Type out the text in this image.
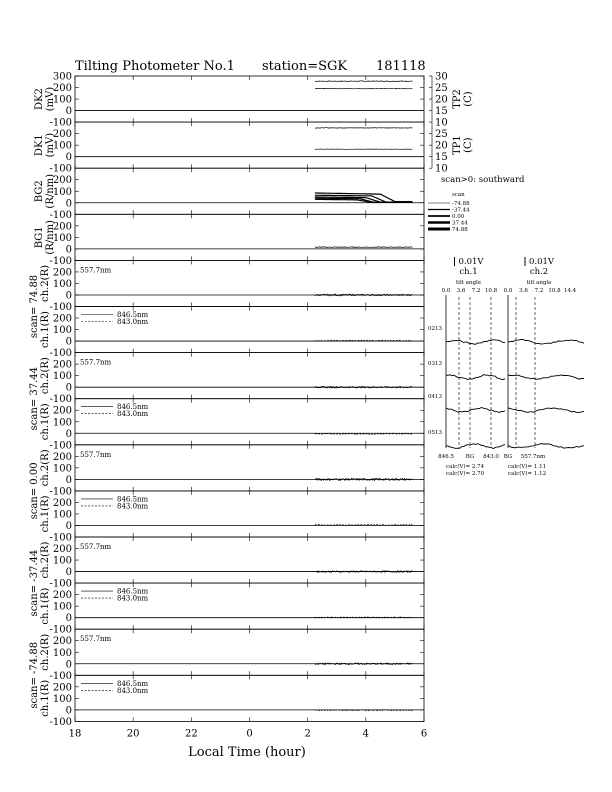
Tilting Photometer No.1 station=SGK 181118
-100
0
100
200
300
DK2(mV)
10
15
20
25
30
TP2(C)
-100
0
100
200
DK1(mV)
10
15
20
25
TP1(C)
-100
0
100
200
BG2(R/nm)
-100
0
100
200
BG1(R/nm)
-100
0
100
200
ch.2(R)	557.7nm
-100
0
100
200
ch.1(R)	846.5nm
843.0nm
-100
0
100
200
ch.2(R)	557.7nm
-100
0
100
200
ch.1(R)	846.5nm
843.0nm
-100
0
100
200
ch.2(R)	557.7nm
-100
0
100
200
ch.1(R)	846.5nm
843.0nm
-100
0
100
200
ch.2(R)	557.7nm
-100
0
100
200
ch.1(R)	846.5nm
843.0nm
-100
0
100
200
ch.2(R)	557.7nm
-100
0
100
200
ch.1(R)	846.5nm
843.0nm
scan= 74.88
scan= 37.44
scan= 0.00
scan= -37.44
scan= -74.88
18	20	22	0	2	4	6
Local Time (hour)
scan>0: southward
scan
-74.88
-37.44
0.00
37.44
74.88
0.01V
ch.1
tilt angle
0.0 3.6 7.2 10.8
0.01V
ch.2
tilt angle
0.0 3.6 7.2 10.8 14.4
0213
0313
0413
0513
846.5 BG 843.0 BG 557.7nm
calc(V)= 2.74
calc(V)= 2.70
calc(V)= 1.11
calc(V)= 1.12
